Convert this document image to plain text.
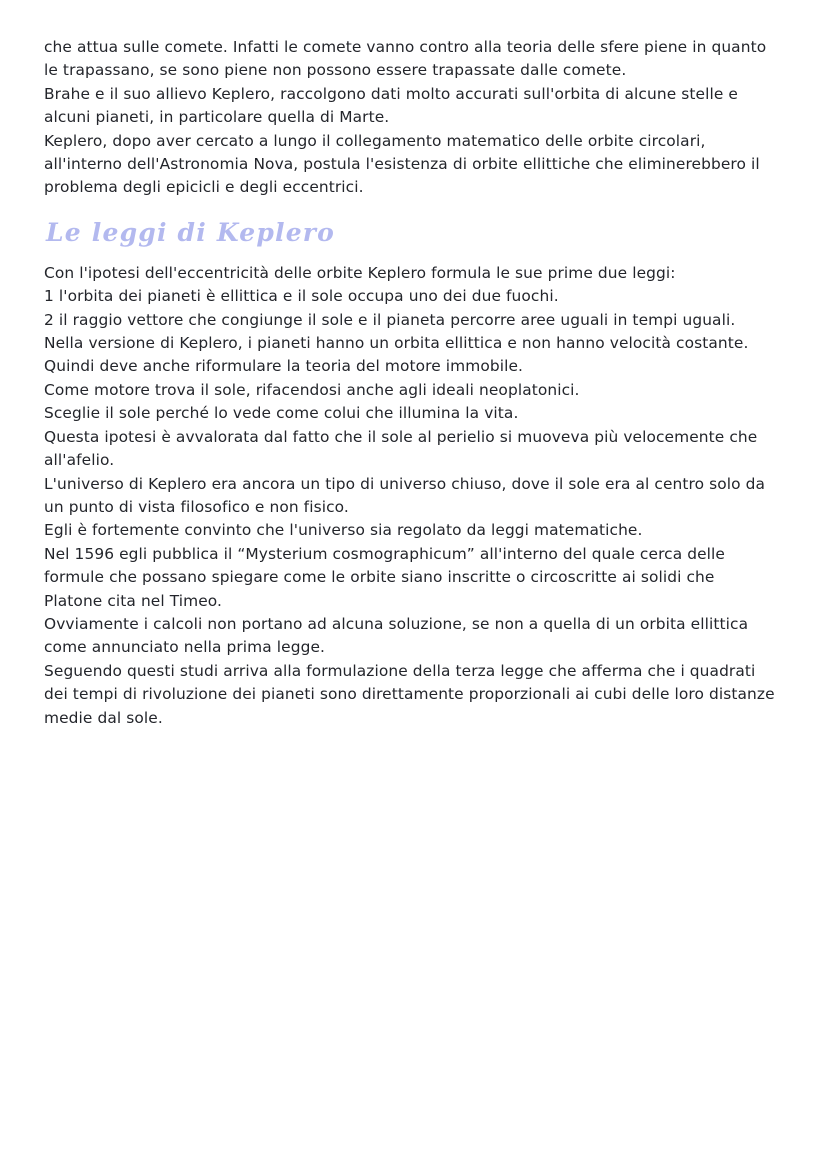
che attua sulle comete. Infatti le comete vanno contro alla teoria delle sfere piene in quanto le trapassano, se sono piene non possono essere trapassate dalle comete.

Brahe e il suo allievo Keplero, raccolgono dati molto accurati sull'orbita di alcune stelle e alcuni pianeti, in particolare quella di Marte.

Keplero, dopo aver cercato a lungo il collegamento matematico delle orbite circolari, all'interno dell'Astronomia Nova, postula l'esistenza di orbite ellittiche che eliminerebbero il problema degli epicicli e degli eccentrici.

Le leggi di Keplero

Con l'ipotesi dell'eccentricità delle orbite Keplero formula le sue prime due leggi:

1 l'orbita dei pianeti è ellittica e il sole occupa uno dei due fuochi.

2 il raggio vettore che congiunge il sole e il pianeta percorre aree uguali in tempi uguali.

Nella versione di Keplero, i pianeti hanno un orbita ellittica e non hanno velocità costante. Quindi deve anche riformulare la teoria del motore immobile.

Come motore trova il sole, rifacendosi anche agli ideali neoplatonici.

Sceglie il sole perché lo vede come colui che illumina la vita.

Questa ipotesi è avvalorata dal fatto che il sole al perielio si muoveva più velocemente che all'afelio.

L'universo di Keplero era ancora un tipo di universo chiuso, dove il sole era al centro solo da un punto di vista filosofico e non fisico.

Egli è fortemente convinto che l'universo sia regolato da leggi matematiche.

Nel 1596 egli pubblica il “Mysterium cosmographicum” all'interno del quale cerca delle formule che possano spiegare come le orbite siano inscritte o circoscritte ai solidi che Platone cita nel Timeo.

Ovviamente i calcoli non portano ad alcuna soluzione, se non a quella di un orbita ellittica come annunciato nella prima legge.

Seguendo questi studi arriva alla formulazione della terza legge che afferma che i quadrati dei tempi di rivoluzione dei pianeti sono direttamente proporzionali ai cubi delle loro distanze medie dal sole.
